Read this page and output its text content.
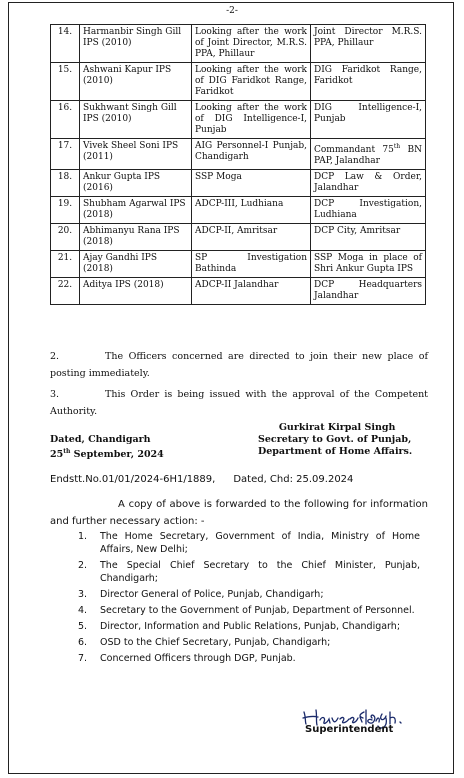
-2-
14.	Harmanbir Singh Gill IPS (2010)	Looking after the work of Joint Director, M.R.S. PPA, Phillaur	Joint Director M.R.S. PPA, Phillaur
15.	Ashwani Kapur IPS (2010)	Looking after the work of DIG Faridkot Range, Faridkot	DIG Faridkot Range, Faridkot
16.	Sukhwant Singh Gill IPS (2010)	Looking after the work of DIG Intelligence-I, Punjab	DIG Intelligence-I, Punjab
17.	Vivek Sheel Soni IPS (2011)	AIG Personnel-I Punjab, Chandigarh	Commandant 75th BN PAP, Jalandhar
18.	Ankur Gupta IPS (2016)	SSP Moga	DCP Law & Order, Jalandhar
19.	Shubham Agarwal IPS (2018)	ADCP-III, Ludhiana	DCP Investigation, Ludhiana
20.	Abhimanyu Rana IPS (2018)	ADCP-II, Amritsar	DCP City, Amritsar
21.	Ajay Gandhi IPS (2018)	SP Investigation Bathinda	SSP Moga in place of Shri Ankur Gupta IPS
22.	Aditya IPS (2018)	ADCP-II Jalandhar	DCP Headquarters Jalandhar
2.	The Officers concerned are directed to join their new place of posting immediately.
3.	This Order is being issued with the approval of the Competent Authority.
Dated, Chandigarh
25th September, 2024
Gurkirat Kirpal Singh
Secretary to Govt. of Punjab,
Department of Home Affairs.
Endstt.No.01/01/2024-6H1/1889, Dated, Chd: 25.09.2024
A copy of above is forwarded to the following for information and further necessary action: -
1.	The Home Secretary, Government of India, Ministry of Home Affairs, New Delhi;
2.	The Special Chief Secretary to the Chief Minister, Punjab, Chandigarh;
3.	Director General of Police, Punjab, Chandigarh;
4.	Secretary to the Government of Punjab, Department of Personnel.
5.	Director, Information and Public Relations, Punjab, Chandigarh;
6.	OSD to the Chief Secretary, Punjab, Chandigarh;
7.	Concerned Officers through DGP, Punjab.
Superintendent
